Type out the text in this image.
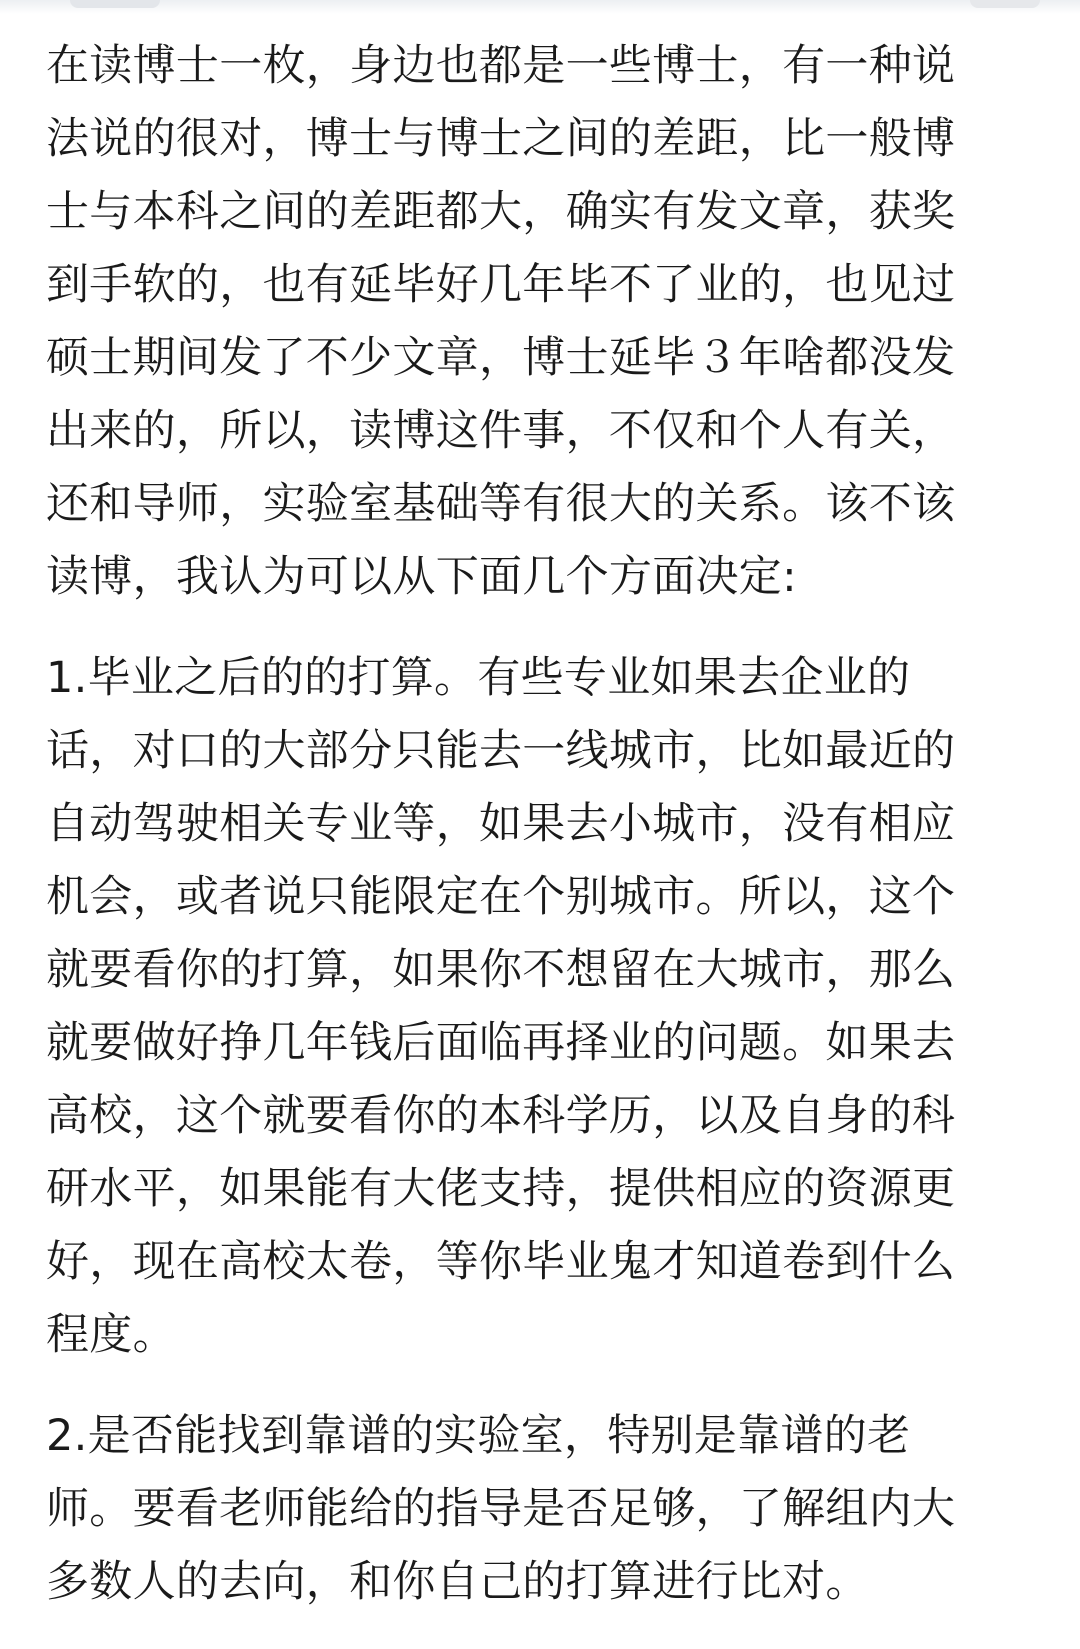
在读博士一枚，身边也都是一些博士，有一种说
法说的很对，博士与博士之间的差距，比一般博
士与本科之间的差距都大，确实有发文章，获奖
到手软的，也有延毕好几年毕不了业的，也见过
硕士期间发了不少文章，博士延毕３年啥都没发
出来的，所以，读博这件事，不仅和个人有关，
还和导师，实验室基础等有很大的关系。该不该
读博，我认为可以从下面几个方面决定:
1.毕业之后的的打算。有些专业如果去企业的
话，对口的大部分只能去一线城市，比如最近的
自动驾驶相关专业等，如果去小城市，没有相应
机会，或者说只能限定在个别城市。所以，这个
就要看你的打算，如果你不想留在大城市，那么
就要做好挣几年钱后面临再择业的问题。如果去
高校，这个就要看你的本科学历，以及自身的科
研水平，如果能有大佬支持，提供相应的资源更
好，现在高校太卷，等你毕业鬼才知道卷到什么
程度。
2.是否能找到靠谱的实验室，特别是靠谱的老
师。要看老师能给的指导是否足够，了解组内大
多数人的去向，和你自己的打算进行比对。
